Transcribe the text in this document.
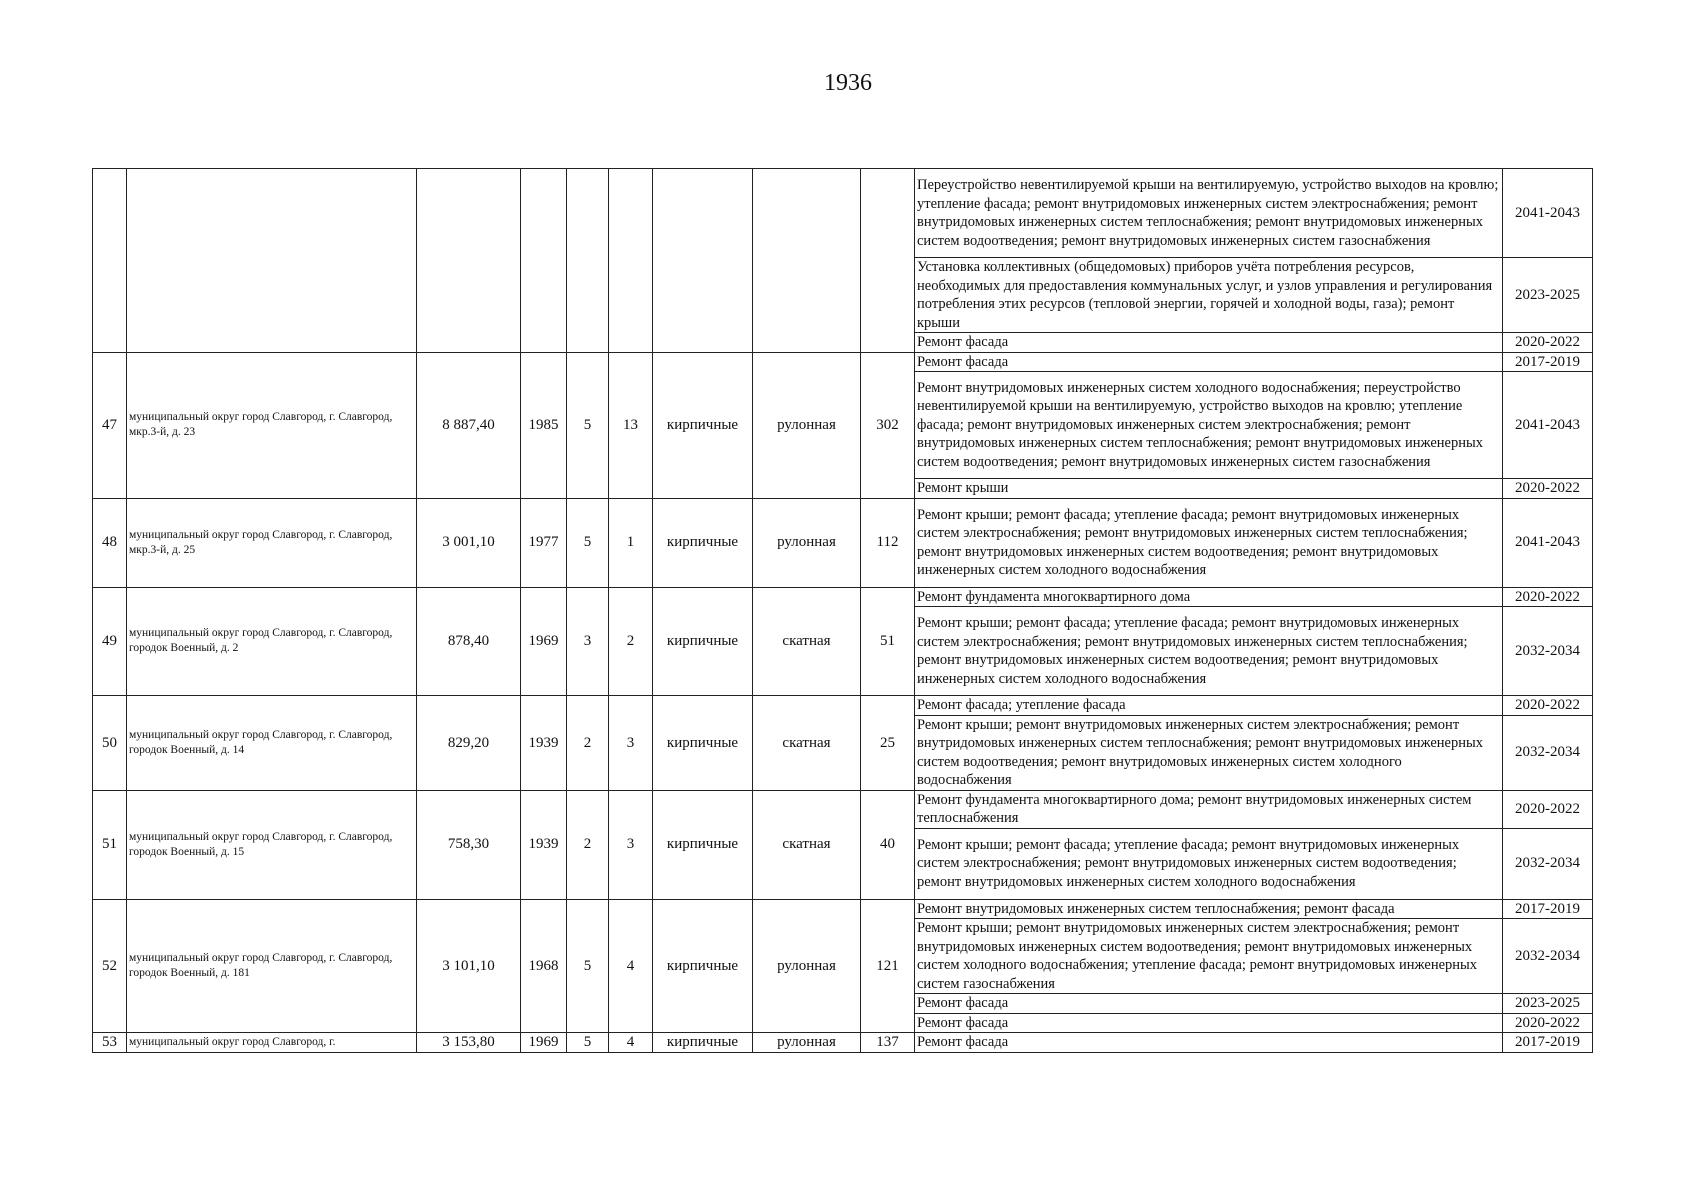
1936
									Переустройство невентилируемой крыши на вентилируемую, устройство выходов на кровлю; утепление фасада; ремонт внутридомовых инженерных систем электроснабжения; ремонт внутридомовых инженерных систем теплоснабжения; ремонт внутридомовых инженерных систем водоотведения; ремонт внутридомовых инженерных систем газоснабжения	2041-2043
									Установка коллективных (общедомовых) приборов учёта потребления ресурсов, необходимых для предоставления коммунальных услуг, и узлов управления и регулирования потребления этих ресурсов (тепловой энергии, горячей и холодной воды, газа); ремонт крыши	2023-2025
									Ремонт фасада	2020-2022
47	муниципальный округ город Славгород, г. Славгород, мкр.3-й, д. 23	8 887,40	1985	5	13	кирпичные	рулонная	302	Ремонт фасада	2017-2019
									Ремонт внутридомовых инженерных систем холодного водоснабжения; переустройство невентилируемой крыши на вентилируемую, устройство выходов на кровлю; утепление фасада; ремонт внутридомовых инженерных систем электроснабжения; ремонт внутридомовых инженерных систем теплоснабжения; ремонт внутридомовых инженерных систем водоотведения; ремонт внутридомовых инженерных систем газоснабжения	2041-2043
									Ремонт крыши	2020-2022
48	муниципальный округ город Славгород, г. Славгород, мкр.3-й, д. 25	3 001,10	1977	5	1	кирпичные	рулонная	112	Ремонт крыши; ремонт фасада; утепление фасада; ремонт внутридомовых инженерных систем электроснабжения; ремонт внутридомовых инженерных систем теплоснабжения; ремонт внутридомовых инженерных систем водоотведения; ремонт внутридомовых инженерных систем холодного водоснабжения	2041-2043
49	муниципальный округ город Славгород, г. Славгород, городок Военный, д. 2	878,40	1969	3	2	кирпичные	скатная	51	Ремонт фундамента многоквартирного дома	2020-2022
									Ремонт крыши; ремонт фасада; утепление фасада; ремонт внутридомовых инженерных систем электроснабжения; ремонт внутридомовых инженерных систем теплоснабжения; ремонт внутридомовых инженерных систем водоотведения; ремонт внутридомовых инженерных систем холодного водоснабжения	2032-2034
50	муниципальный округ город Славгород, г. Славгород, городок Военный, д. 14	829,20	1939	2	3	кирпичные	скатная	25	Ремонт фасада; утепление фасада	2020-2022
									Ремонт крыши; ремонт внутридомовых инженерных систем электроснабжения; ремонт внутридомовых инженерных систем теплоснабжения; ремонт внутридомовых инженерных систем водоотведения; ремонт внутридомовых инженерных систем холодного водоснабжения	2032-2034
51	муниципальный округ город Славгород, г. Славгород, городок Военный, д. 15	758,30	1939	2	3	кирпичные	скатная	40	Ремонт фундамента многоквартирного дома; ремонт внутридомовых инженерных систем теплоснабжения	2020-2022
									Ремонт крыши; ремонт фасада; утепление фасада; ремонт внутридомовых инженерных систем электроснабжения; ремонт внутридомовых инженерных систем водоотведения; ремонт внутридомовых инженерных систем холодного водоснабжения	2032-2034
52	муниципальный округ город Славгород, г. Славгород, городок Военный, д. 181	3 101,10	1968	5	4	кирпичные	рулонная	121	Ремонт внутридомовых инженерных систем теплоснабжения; ремонт фасада	2017-2019
									Ремонт крыши; ремонт внутридомовых инженерных систем электроснабжения; ремонт внутридомовых инженерных систем водоотведения; ремонт внутридомовых инженерных систем холодного водоснабжения; утепление фасада; ремонт внутридомовых инженерных систем газоснабжения	2032-2034
									Ремонт фасада	2023-2025
									Ремонт фасада	2020-2022
53	муниципальный округ город Славгород, г.	3 153,80	1969	5	4	кирпичные	рулонная	137	Ремонт фасада	2017-2019
